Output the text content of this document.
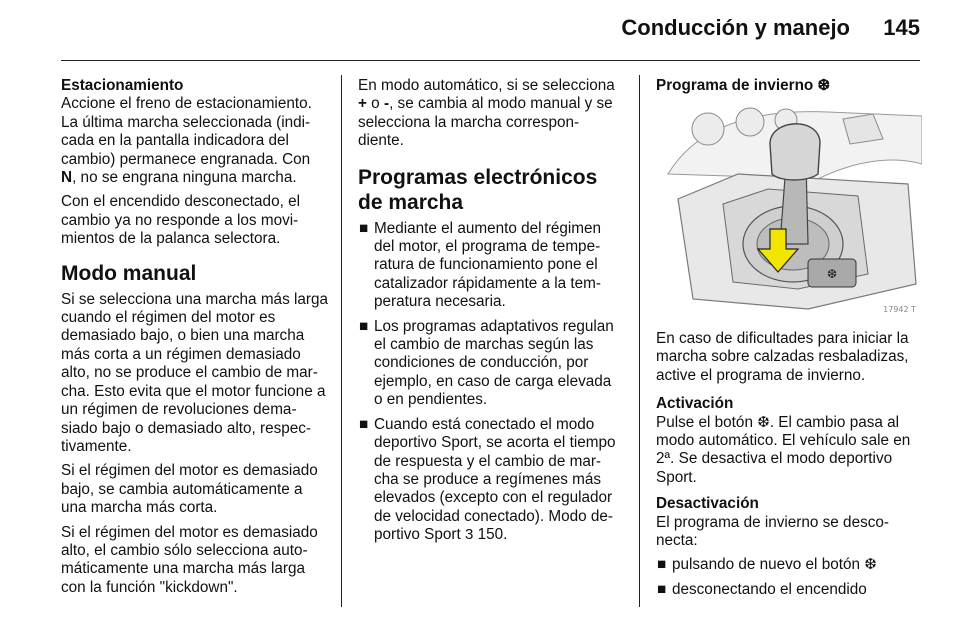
Conducción y manejo	145
Estacionamiento

Accione el freno de estacionamiento. La última marcha seleccionada (indi-cada en la pantalla indicadora del cambio) permanece engranada. Con N, no se engrana ninguna marcha.

Con el encendido desconectado, el cambio ya no responde a los movi-mientos de la palanca selectora.

Modo manual

Si se selecciona una marcha más larga cuando el régimen del motor es demasiado bajo, o bien una marcha más corta a un régimen demasiado alto, no se produce el cambio de mar-cha. Esto evita que el motor funcione a un régimen de revoluciones dema-siado bajo o demasiado alto, respec-tivamente.

Si el régimen del motor es demasiado bajo, se cambia automáticamente a una marcha más corta.

Si el régimen del motor es demasiado alto, el cambio sólo selecciona auto-máticamente una marcha más larga con la función "kickdown".

En modo automático, si se selecciona + o -, se cambia al modo manual y se selecciona la marcha correspon-diente.

Programas electrónicos de marcha
■ Mediante el aumento del régimen del motor, el programa de tempe-ratura de funcionamiento pone el catalizador rápidamente a la tem-peratura necesaria.
■ Los programas adaptativos regulan el cambio de marchas según las condiciones de conducción, por ejemplo, en caso de carga elevada o en pendientes.
■ Cuando está conectado el modo deportivo Sport, se acorta el tiempo de respuesta y el cambio de mar-cha se produce a regímenes más elevados (excepto con el regulador de velocidad conectado). Modo de-portivo Sport 3 150.
Programa de invierno ❆
❆
17942 T

En caso de dificultades para iniciar la marcha sobre calzadas resbaladizas, active el programa de invierno.

Activación

Pulse el botón ❆. El cambio pasa al modo automático. El vehículo sale en 2ª. Se desactiva el modo deportivo Sport.

Desactivación

El programa de invierno se desco-necta:

■ pulsando de nuevo el botón ❆
■ desconectando el encendido
